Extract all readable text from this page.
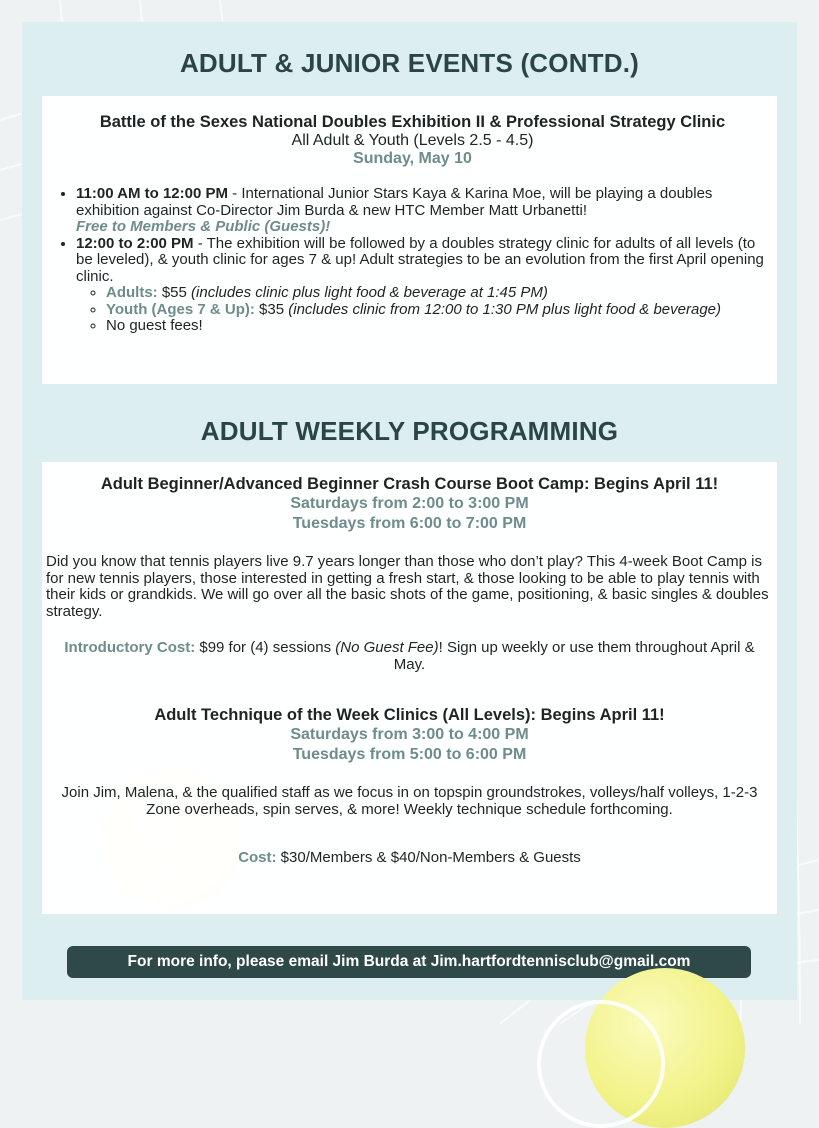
ADULT & JUNIOR EVENTS (CONTD.)

Battle of the Sexes National Doubles Exhibition II & Professional Strategy Clinic

All Adult & Youth (Levels 2.5 - 4.5)

Sunday, May 10

• 11:00 AM to 12:00 PM - International Junior Stars Kaya & Karina Moe, will be playing a doubles exhibition against Co-Director Jim Burda & new HTC Member Matt Urbanetti!
Free to Members & Public (Guests)!
• 12:00 to 2:00 PM - The exhibition will be followed by a doubles strategy clinic for adults of all levels (to be leveled), & youth clinic for ages 7 & up! Adult strategies to be an evolution from the first April opening clinic.
◦ Adults: $55 (includes clinic plus light food & beverage at 1:45 PM)
◦ Youth (Ages 7 & Up): $35 (includes clinic from 12:00 to 1:30 PM plus light food & beverage)
◦ No guest fees!
ADULT WEEKLY PROGRAMMING

Adult Beginner/Advanced Beginner Crash Course Boot Camp: Begins April 11!

Saturdays from 2:00 to 3:00 PM

Tuesdays from 6:00 to 7:00 PM

Did you know that tennis players live 9.7 years longer than those who don’t play? This 4-week Boot Camp is for new tennis players, those interested in getting a fresh start, & those looking to be able to play tennis with their kids or grandkids. We will go over all the basic shots of the game, positioning, & basic singles & doubles strategy.

Introductory Cost: $99 for (4) sessions (No Guest Fee)! Sign up weekly or use them throughout April & May.

Adult Technique of the Week Clinics (All Levels): Begins April 11!

Saturdays from 3:00 to 4:00 PM

Tuesdays from 5:00 to 6:00 PM

Join Jim, Malena, & the qualified staff as we focus in on topspin groundstrokes, volleys/half volleys, 1-2-3 Zone overheads, spin serves, & more! Weekly technique schedule forthcoming.

Cost: $30/Members & $40/Non-Members & Guests

For more info, please email Jim Burda at Jim.hartfordtennisclub@gmail.com
